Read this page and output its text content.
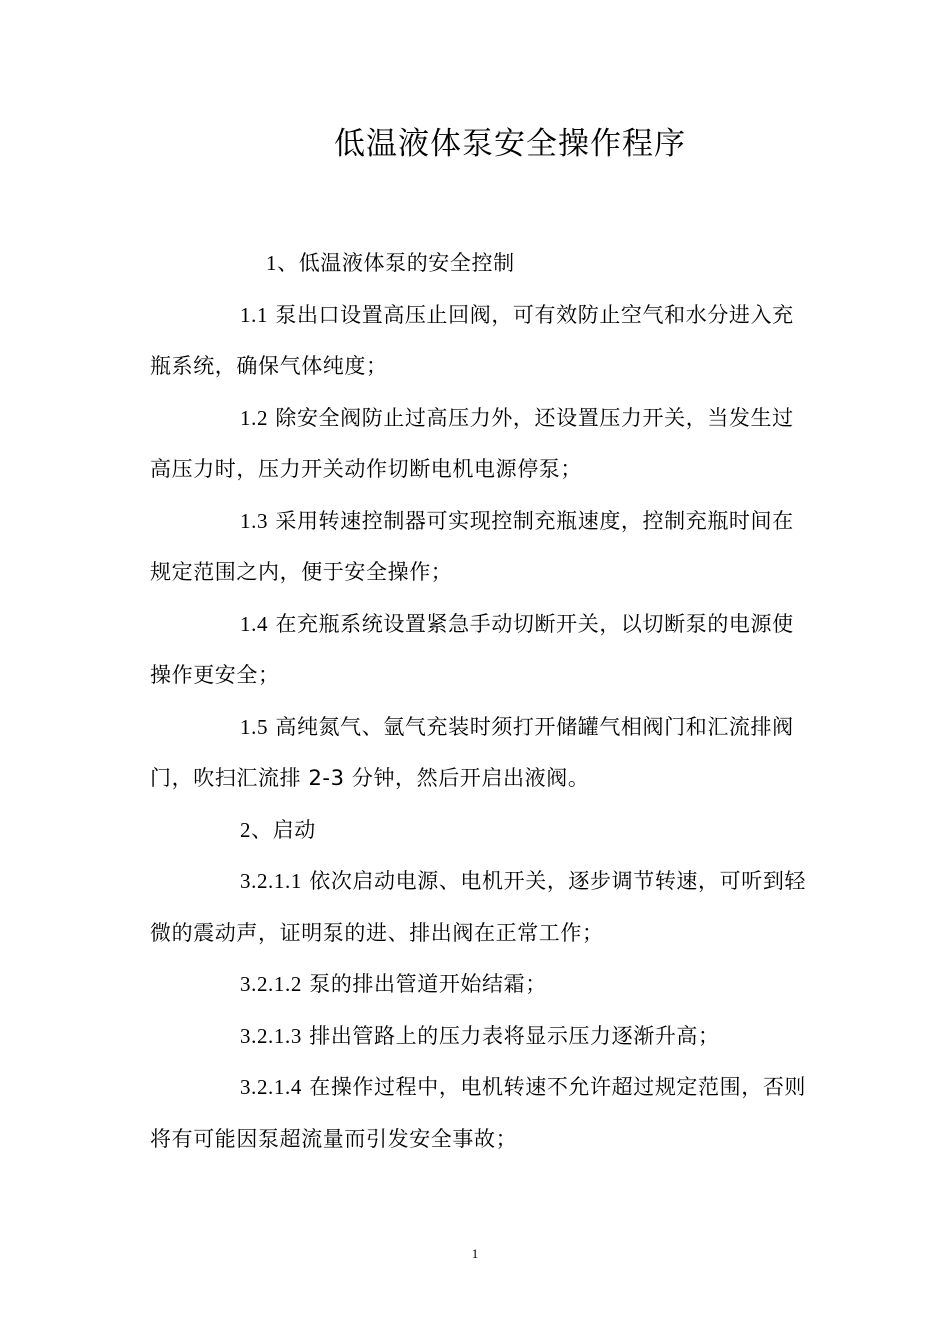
低温液体泵安全操作程序

1、低温液体泵的安全控制

1.1 泵出口设置高压止回阀，可有效防止空气和水分进入充瓶系统，确保气体纯度；

1.2 除安全阀防止过高压力外，还设置压力开关，当发生过高压力时，压力开关动作切断电机电源停泵；

1.3 采用转速控制器可实现控制充瓶速度，控制充瓶时间在规定范围之内，便于安全操作；

1.4 在充瓶系统设置紧急手动切断开关，以切断泵的电源使操作更安全；

1.5 高纯氮气、氩气充装时须打开储罐气相阀门和汇流排阀门，吹扫汇流排 2-3 分钟，然后开启出液阀。

2、启动

3.2.1.1 依次启动电源、电机开关，逐步调节转速，可听到轻微的震动声，证明泵的进、排出阀在正常工作；

3.2.1.2 泵的排出管道开始结霜；

3.2.1.3 排出管路上的压力表将显示压力逐渐升高；

3.2.1.4 在操作过程中，电机转速不允许超过规定范围，否则将有可能因泵超流量而引发安全事故；

1
